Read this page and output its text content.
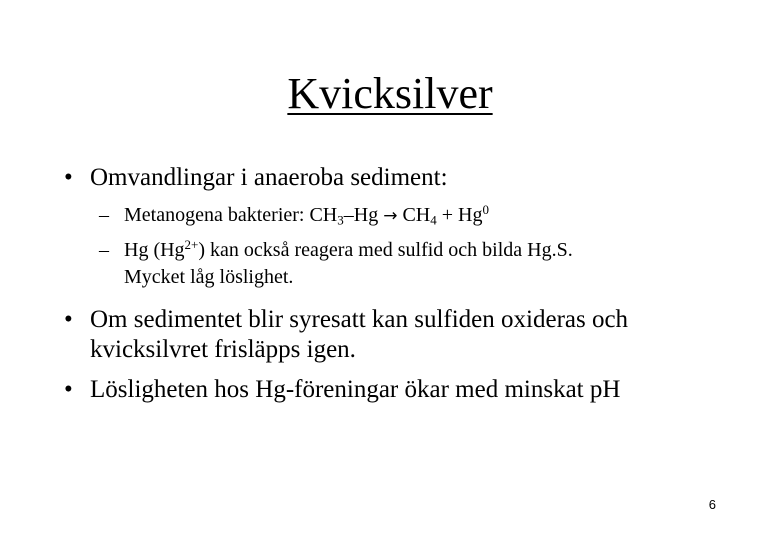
Kvicksilver
• Omvandlingar i anaeroba sediment:
– Metanogena bakterier: $CH_3-Hg \to CH_4 + Hg^0$
– Hg $(Hg^{2+})$ kan också reagera med sulfid och bilda Hg.S.
Mycket låg löslighet.
• Om sedimentet blir syresatt kan sulfiden oxideras och
kvicksilvret frisläpps igen.
• Lösligheten hos Hg-föreningar ökar med minskat pH
6
